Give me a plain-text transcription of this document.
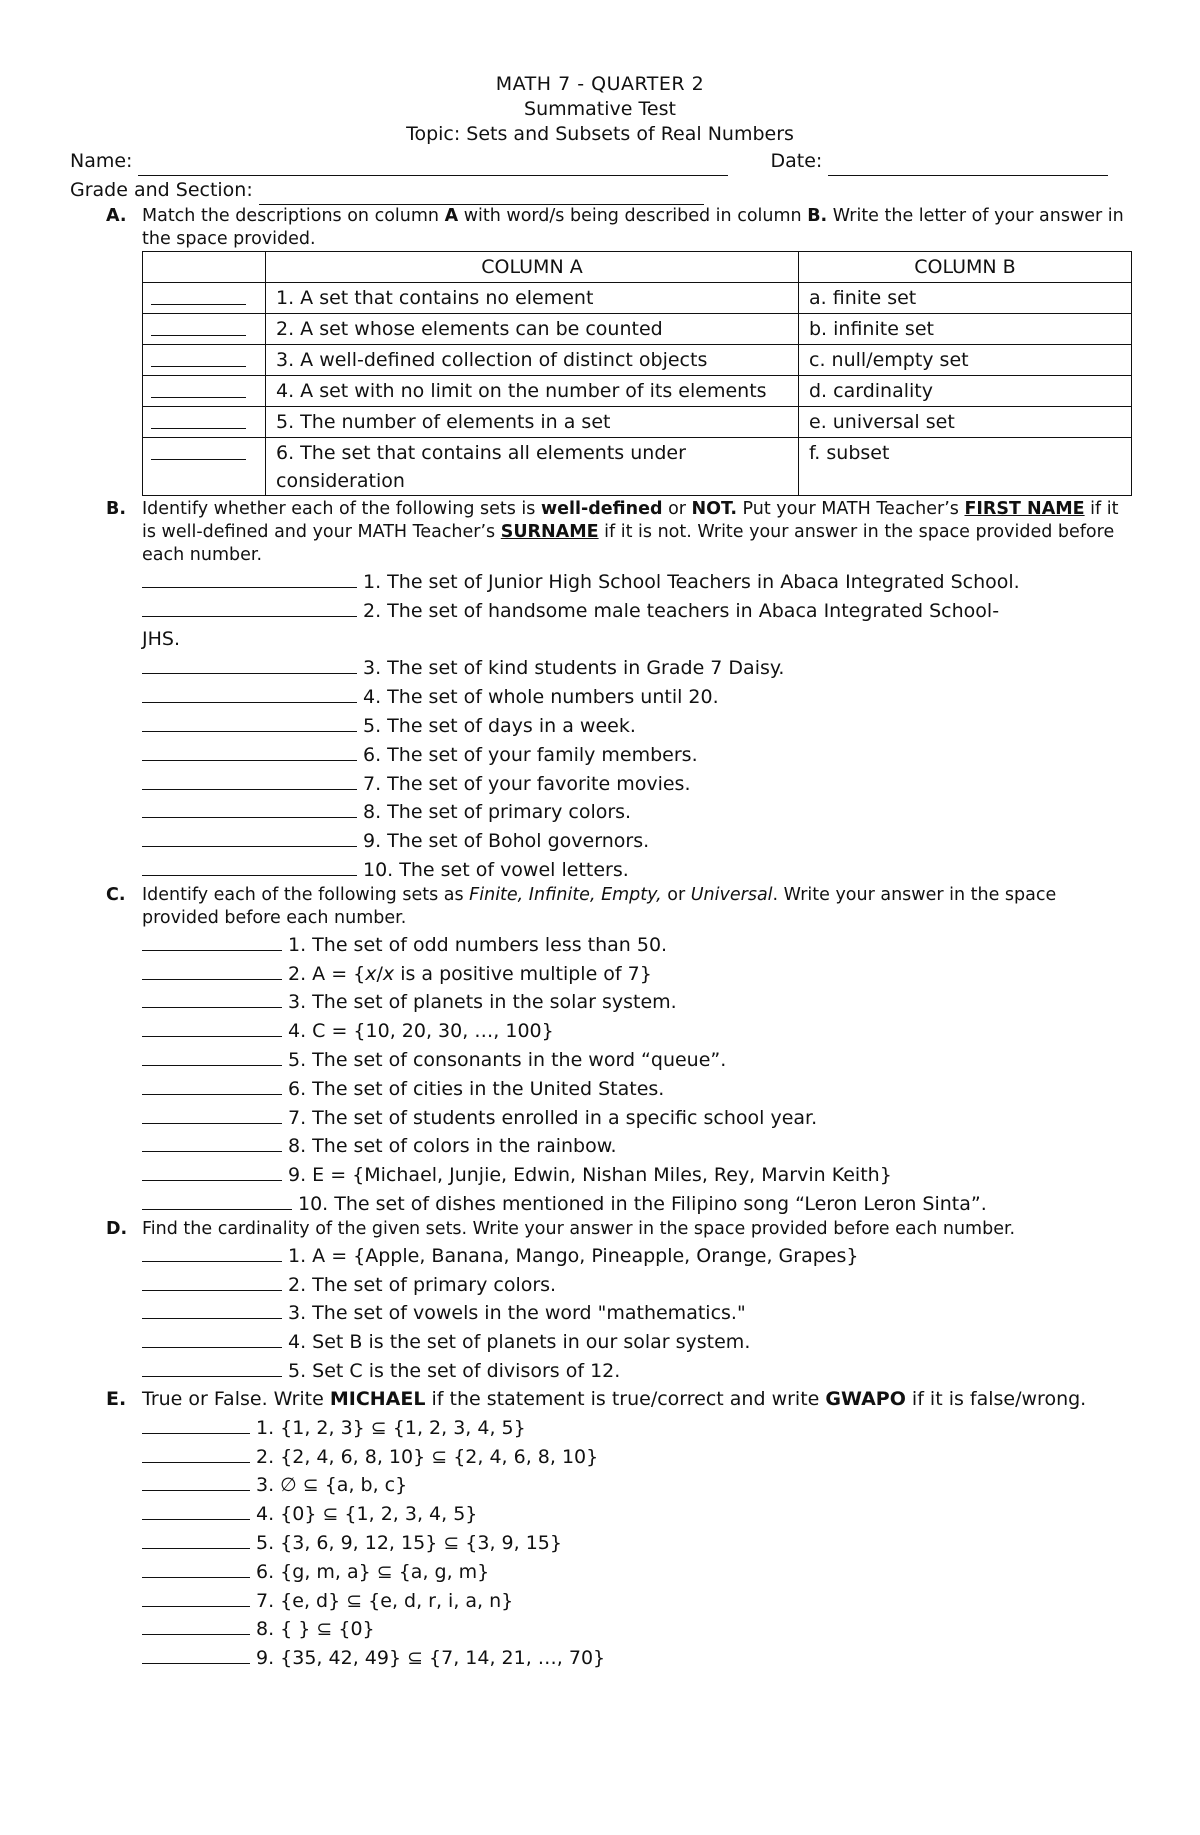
MATH 7 - QUARTER 2
Summative Test
Topic: Sets and Subsets of Real Numbers
Name:	Date:
Grade and Section:
A. Match the descriptions on column A with word/s being described in column B. Write the letter of your answer in the space provided.
	COLUMN A	COLUMN B
	1. A set that contains no element	a. finite set
	2. A set whose elements can be counted	b. infinite set
	3. A well-defined collection of distinct objects	c. null/empty set
	4. A set with no limit on the number of its elements	d. cardinality
	5. The number of elements in a set	e. universal set
	6. The set that contains all elements under consideration	f. subset
B. Identify whether each of the following sets is well-defined or NOT. Put your MATH Teacher’s FIRST NAME if it is well-defined and your MATH Teacher’s SURNAME if it is not. Write your answer in the space provided before each number.
1. The set of Junior High School Teachers in Abaca Integrated School.
2. The set of handsome male teachers in Abaca Integrated School-
JHS.
3. The set of kind students in Grade 7 Daisy.
4. The set of whole numbers until 20.
5. The set of days in a week.
6. The set of your family members.
7. The set of your favorite movies.
8. The set of primary colors.
9. The set of Bohol governors.
10. The set of vowel letters.
C. Identify each of the following sets as Finite, Infinite, Empty, or Universal. Write your answer in the space provided before each number.
1. The set of odd numbers less than 50.
2. A = {x/x is a positive multiple of 7}
3. The set of planets in the solar system.
4. C = {10, 20, 30, …, 100}
5. The set of consonants in the word “queue”.
6. The set of cities in the United States.
7. The set of students enrolled in a specific school year.
8. The set of colors in the rainbow.
9. E = {Michael, Junjie, Edwin, Nishan Miles, Rey, Marvin Keith}
10. The set of dishes mentioned in the Filipino song “Leron Leron Sinta”.
D. Find the cardinality of the given sets. Write your answer in the space provided before each number.
1. A = {Apple, Banana, Mango, Pineapple, Orange, Grapes}
2. The set of primary colors.
3. The set of vowels in the word "mathematics."
4. Set B is the set of planets in our solar system.
5. Set C is the set of divisors of 12.
E. True or False. Write MICHAEL if the statement is true/correct and write GWAPO if it is false/wrong.
1. {1, 2, 3} ⊆ {1, 2, 3, 4, 5}
2. {2, 4, 6, 8, 10} ⊆ {2, 4, 6, 8, 10}
3. ∅ ⊆ {a, b, c}
4. {0} ⊆ {1, 2, 3, 4, 5}
5. {3, 6, 9, 12, 15} ⊆ {3, 9, 15}
6. {g, m, a} ⊆ {a, g, m}
7. {e, d} ⊆ {e, d, r, i, a, n}
8. { } ⊆ {0}
9. {35, 42, 49} ⊆ {7, 14, 21, …, 70}
